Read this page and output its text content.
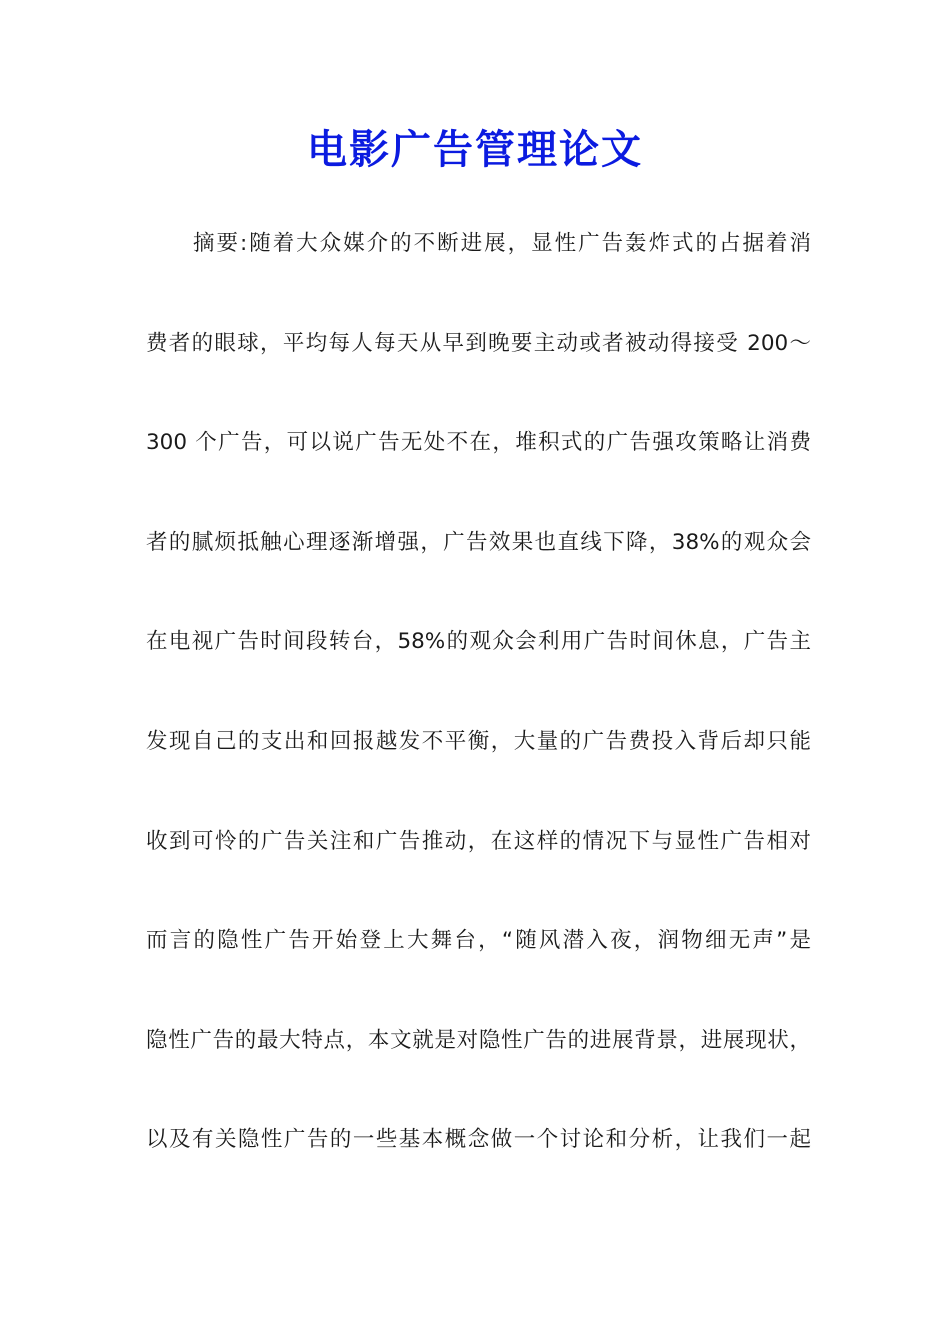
电影广告管理论文
　　摘要:随着大众媒介的不断进展，显性广告轰炸式的占据着消
费者的眼球，平均每人每天从早到晚要主动或者被动得接受 200～
300 个广告，可以说广告无处不在，堆积式的广告强攻策略让消费
者的腻烦抵触心理逐渐增强，广告效果也直线下降，38%的观众会
在电视广告时间段转台，58%的观众会利用广告时间休息，广告主
发现自己的支出和回报越发不平衡，大量的广告费投入背后却只能
收到可怜的广告关注和广告推动，在这样的情况下与显性广告相对
而言的隐性广告开始登上大舞台，“随风潜入夜，润物细无声”是
隐性广告的最大特点，本文就是对隐性广告的进展背景，进展现状，
以及有关隐性广告的一些基本概念做一个讨论和分析，让我们一起
